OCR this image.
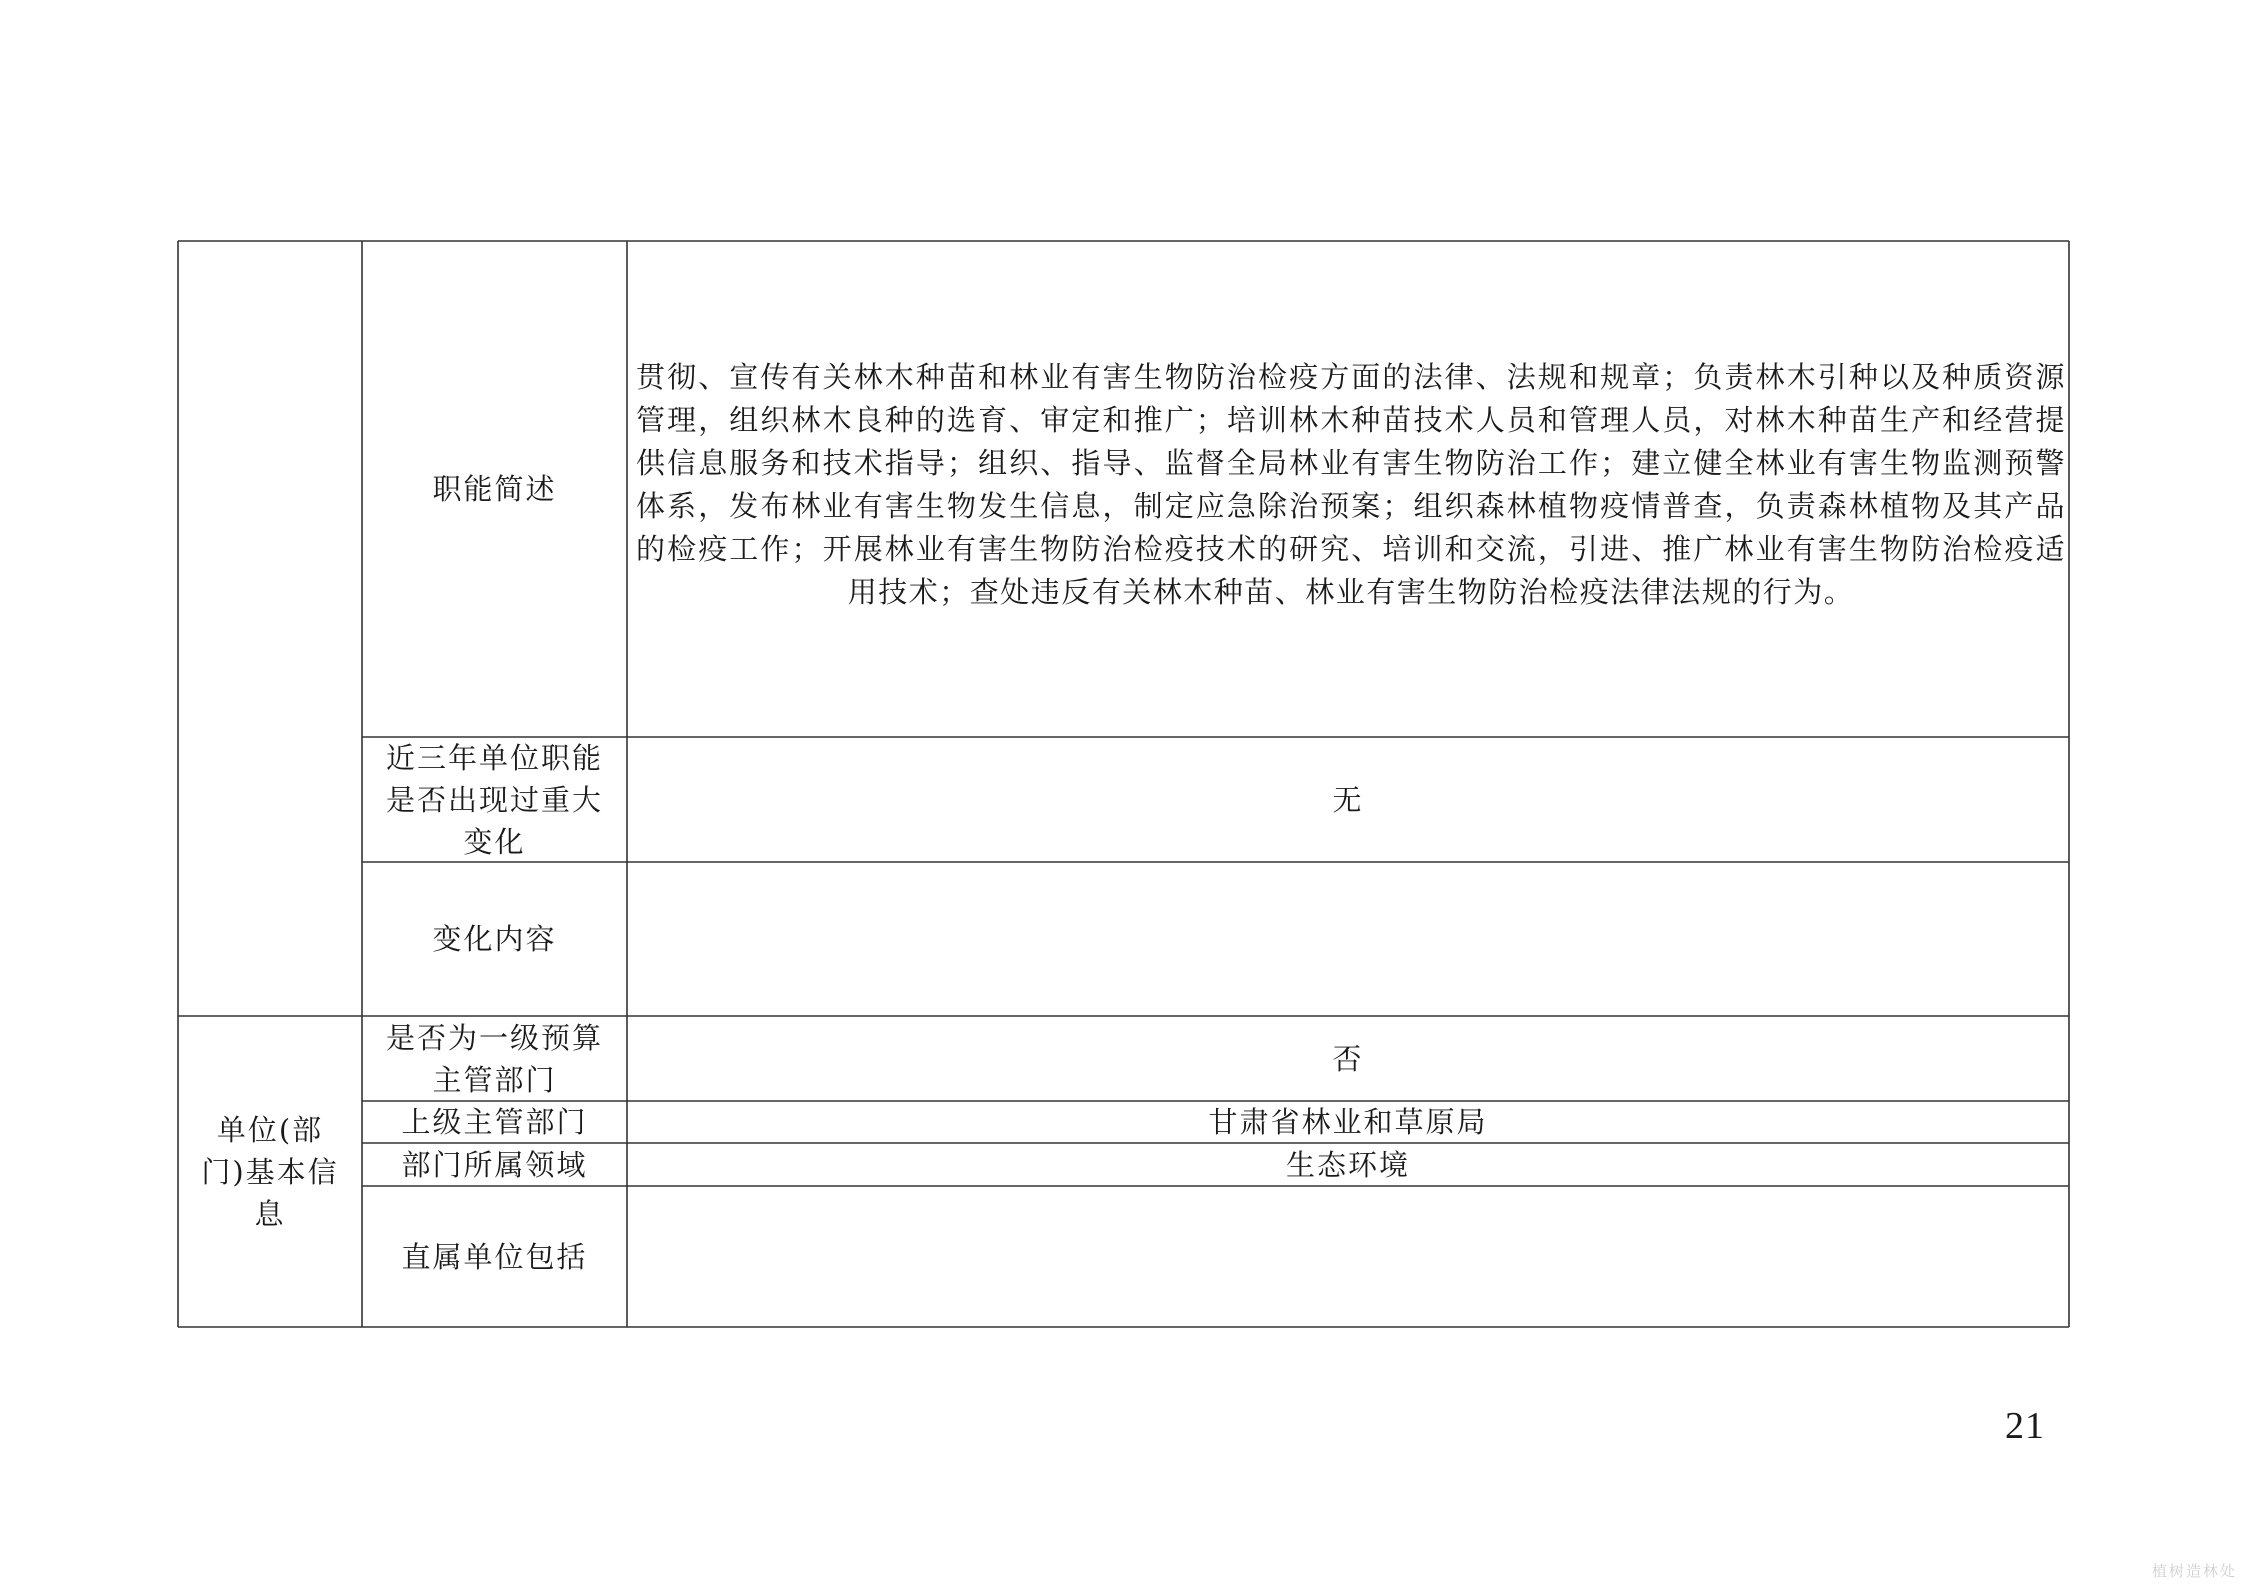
职能简述
贯彻、宣传有关林木种苗和林业有害生物防治检疫方面的法律、法规和规章；负责林木引种以及种质资源管理，组织林木良种的选育、审定和推广；培训林木种苗技术人员和管理人员，对林木种苗生产和经营提供信息服务和技术指导；组织、指导、监督全局林业有害生物防治工作；建立健全林业有害生物监测预警体系，发布林业有害生物发生信息，制定应急除治预案；组织森林植物疫情普查，负责森林植物及其产品的检疫工作；开展林业有害生物防治检疫技术的研究、培训和交流，引进、推广林业有害生物防治检疫适用技术；查处违反有关林木种苗、林业有害生物防治检疫法律法规的行为。
近三年单位职能是否出现过重大变化
无
变化内容
单位(部门)基本信息
是否为一级预算主管部门
否
上级主管部门	甘肃省林业和草原局
部门所属领域	生态环境
直属单位包括
21
植树造林处
